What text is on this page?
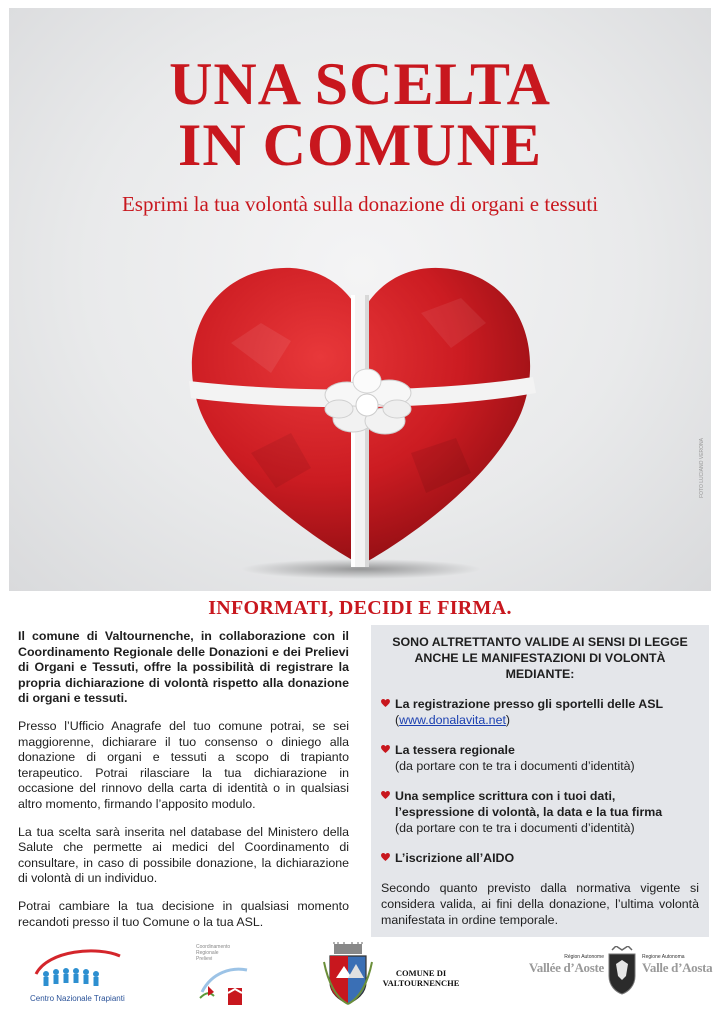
UNA SCELTA
IN COMUNE
Esprimi la tua volontà sulla donazione di organi e tessuti
FOTO LUCIANO VERONA
INFORMATI, DECIDI E FIRMA.

Il comune di Valtournenche, in collaborazione con il Coordinamento Regionale delle Donazioni e dei Prelievi di Organi e Tessuti, offre la possibilità di registrare la propria dichiarazione di volontà rispetto alla donazione di organi e tessuti.

Presso l’Ufficio Anagrafe del tuo comune potrai, se sei maggiorenne, dichiarare il tuo consenso o diniego alla donazione di organi e tessuti a scopo di trapianto terapeutico. Potrai rilasciare la tua dichiarazione in occasione del rinnovo della carta di identità o in qualsiasi altro momento, firmando l’apposito modulo.

La tua scelta sarà inserita nel database del Ministero della Salute che permette ai medici del Coordinamento di consultare, in caso di possibile donazione, la dichiarazione di volontà di un individuo.

Potrai cambiare la tua decisione in qualsiasi momento recandoti presso il tuo Comune o la tua ASL.

SONO ALTRETTANTO VALIDE AI SENSI DI LEGGE
ANCHE LE MANIFESTAZIONI DI VOLONTÀ MEDIANTE:
La registrazione presso gli sportelli delle ASL
(www.donalavita.net)
La tessera regionale
(da portare con te tra i documenti d’identità)
Una semplice scrittura con i tuoi dati,
l’espressione di volontà, la data e la tua firma
(da portare con te tra i documenti d’identità)
L’iscrizione all’AIDO
Secondo quanto previsto dalla normativa vigente si considera valida, ai fini della donazione, l’ultima volontà manifestata in ordine temporale.
Centro Nazionale Trapianti
Coordinamento
Regionale
Prelievi
COMUNE DI
VALTOURNENCHE
Région Autonome
Vallée d’Aoste
Regione Autonoma
Valle d’Aosta
